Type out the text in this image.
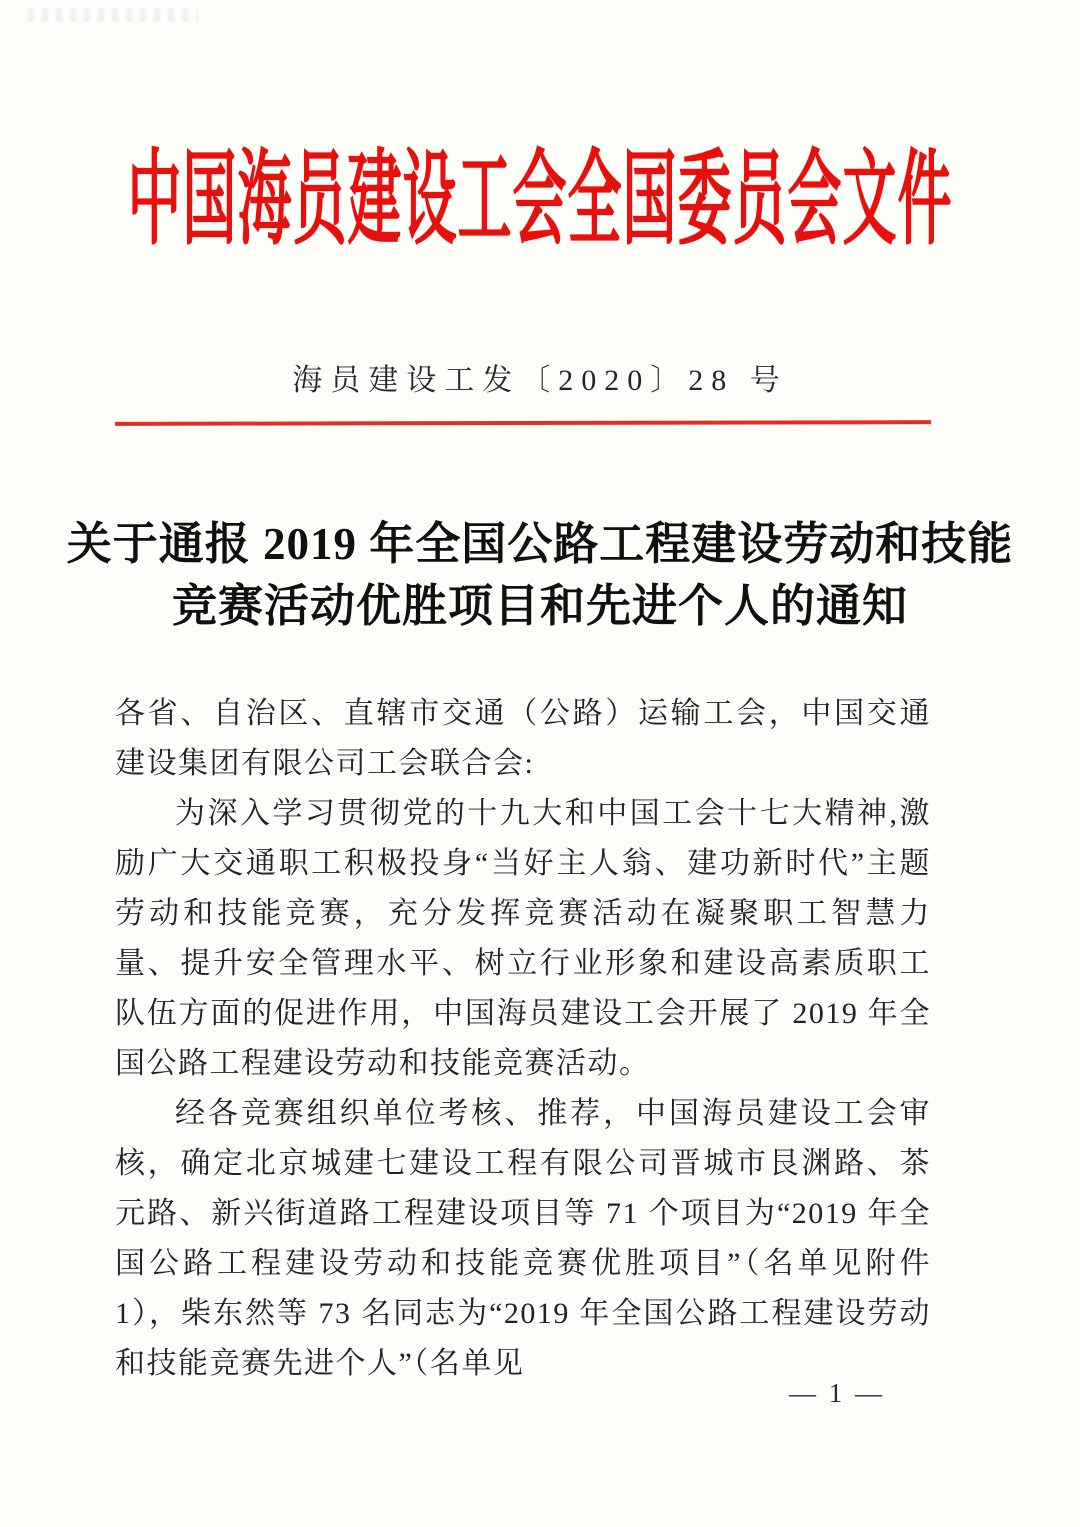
中国海员建设工会全国委员会文件
海员建设工发〔2020〕28 号
关于通报 2019 年全国公路工程建设劳动和技能
竞赛活动优胜项目和先进个人的通知

各省、自治区、直辖市交通（公路）运输工会，中国交通建设集团有限公司工会联合会:

为深入学习贯彻党的十九大和中国工会十七大精神,激励广大交通职工积极投身“当好主人翁、建功新时代”主题劳动和技能竞赛，充分发挥竞赛活动在凝聚职工智慧力量、提升安全管理水平、树立行业形象和建设高素质职工队伍方面的促进作用，中国海员建设工会开展了 2019 年全国公路工程建设劳动和技能竞赛活动。

经各竞赛组织单位考核、推荐，中国海员建设工会审核，确定北京城建七建设工程有限公司晋城市艮渊路、茶元路、新兴街道路工程建设项目等 71 个项目为“2019 年全国公路工程建设劳动和技能竞赛优胜项目”（名单见附件 1），柴东然等 73 名同志为“2019 年全国公路工程建设劳动和技能竞赛先进个人”（名单见

— 1 —
